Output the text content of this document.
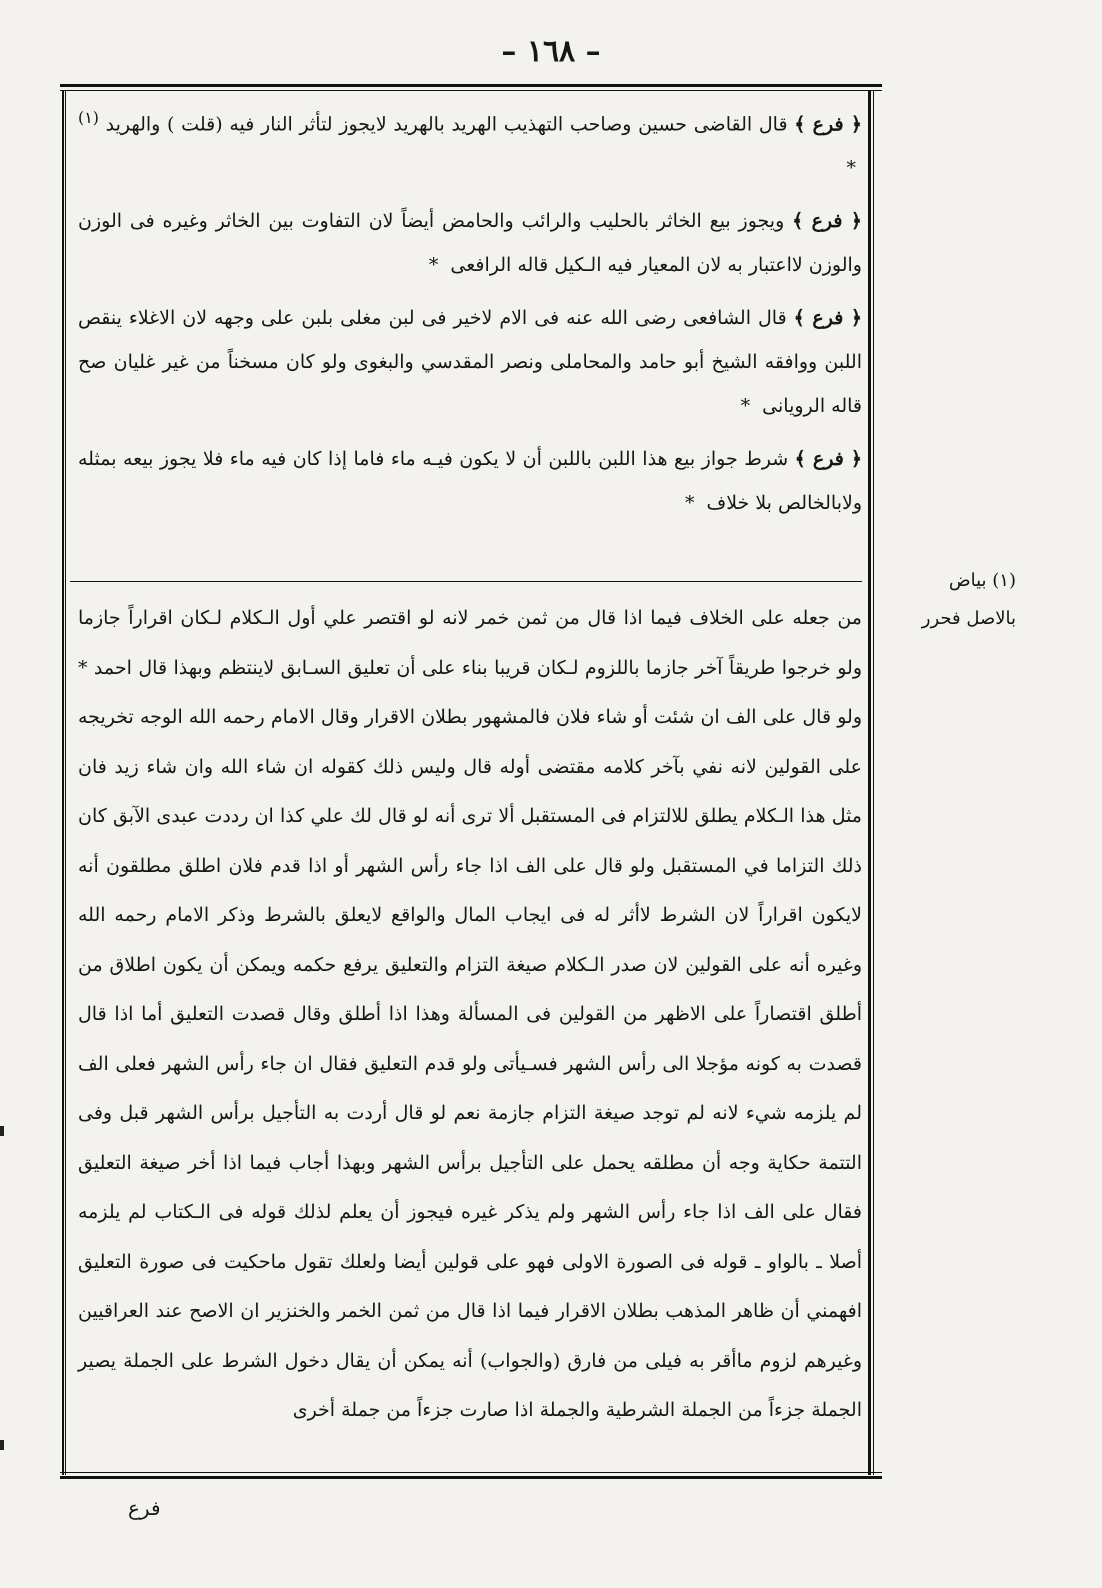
– ١٦٨ –

﴿ فرع ﴾ قال القاضى حسين وصاحب التهذيب الهريد بالهريد لايجوز لتأثر النار فيه (قلت ) والهريد $^{(١)}$ *

﴿ فرع ﴾ ويجوز بيع الخاثر بالحليب والرائب والحامض أيضاً لان التفاوت بين الخاثر وغيره فى الوزن والوزن لااعتبار به لان المعيار فيه الـكيل قاله الرافعى *

﴿ فرع ﴾ قال الشافعى رضى الله عنه فى الام لاخير فى لبن مغلى بلبن على وجهه لان الاغلاء ينقص اللبن ووافقه الشيخ أبو حامد والمحاملى ونصر المقدسي والبغوى ولو كان مسخناً من غير غليان صح قاله الرويانى *

﴿ فرع ﴾ شرط جواز بيع هذا اللبن باللبن أن لا يكون فيـه ماء فاما إذا كان فيه ماء فلا يجوز بيعه بمثله ولابالخالص بلا خلاف *

(١) بياض
بالاصل فحرر

من جعله على الخلاف فيما اذا قال من ثمن خمر لانه لو اقتصر علي أول الـكلام لـكان اقراراً جازما ولو خرجوا طريقاً آخر جازما باللزوم لـكان قريبا بناء على أن تعليق السـابق لاينتظم وبهذا قال احمد * ولو قال على الف ان شئت أو شاء فلان فالمشهور بطلان الاقرار وقال الامام رحمه الله الوجه تخريجه على القولين لانه نفي بآخر كلامه مقتضى أوله قال وليس ذلك كقوله ان شاء الله وان شاء زيد فان مثل هذا الـكلام يطلق للالتزام فى المستقبل ألا ترى أنه لو قال لك علي كذا ان رددت عبدى الآبق كان ذلك التزاما في المستقبل ولو قال على الف اذا جاء رأس الشهر أو اذا قدم فلان اطلق مطلقون أنه لايكون اقراراً لان الشرط لاأثر له فى ايجاب المال والواقع لايعلق بالشرط وذكر الامام رحمه الله وغيره أنه على القولين لان صدر الـكلام صيغة التزام والتعليق يرفع حكمه ويمكن أن يكون اطلاق من أطلق اقتصاراً على الاظهر من القولين فى المسألة وهذا اذا أطلق وقال قصدت التعليق أما اذا قال قصدت به كونه مؤجلا الى رأس الشهر فسـيأتى ولو قدم التعليق فقال ان جاء رأس الشهر فعلى الف لم يلزمه شيء لانه لم توجد صيغة التزام جازمة نعم لو قال أردت به التأجيل برأس الشهر قبل وفى التتمة حكاية وجه أن مطلقه يحمل على التأجيل برأس الشهر وبهذا أجاب فيما اذا أخر صيغة التعليق فقال على الف اذا جاء رأس الشهر ولم يذكر غيره فيجوز أن يعلم لذلك قوله فى الـكتاب لم يلزمه أصلا ـ بالواو ـ قوله فى الصورة الاولى فهو على قولين أيضا ولعلك تقول ماحكيت فى صورة التعليق افهمني أن ظاهر المذهب بطلان الاقرار فيما اذا قال من ثمن الخمر والخنزير ان الاصح عند العراقيين وغيرهم لزوم ماأقر به فيلى من فارق (والجواب) أنه يمكن أن يقال دخول الشرط على الجملة يصير الجملة جزءاً من الجملة الشرطية والجملة اذا صارت جزءاً من جملة أخرى

فرع
